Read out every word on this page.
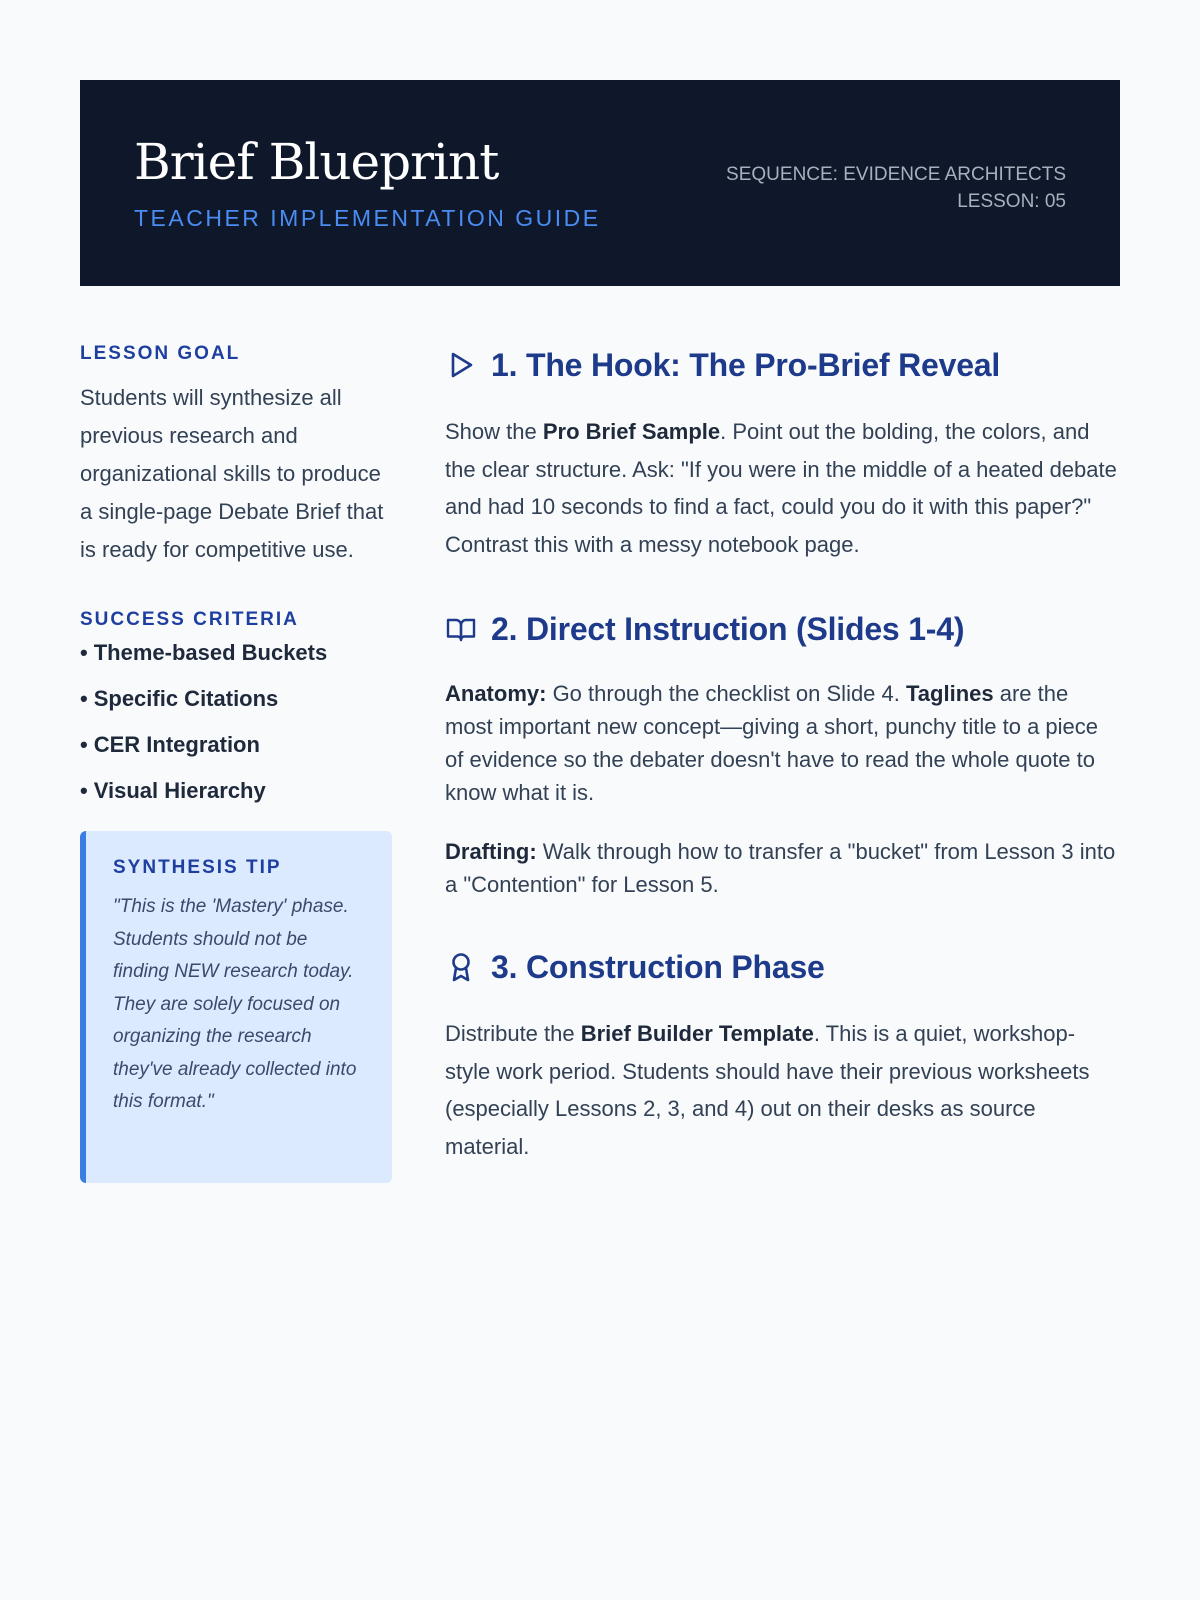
Brief Blueprint
TEACHER IMPLEMENTATION GUIDE
SEQUENCE: EVIDENCE ARCHITECTS
LESSON: 05
LESSON GOAL

Students will synthesize all previous research and organizational skills to produce a single-page Debate Brief that is ready for competitive use.

SUCCESS CRITERIA
• Theme-based Buckets
• Specific Citations
• CER Integration
• Visual Hierarchy
SYNTHESIS TIP

"This is the 'Mastery' phase. Students should not be finding NEW research today. They are solely focused on organizing the research they've already collected into this format."

1. The Hook: The Pro-Brief Reveal

Show the Pro Brief Sample. Point out the bolding, the colors, and the clear structure. Ask: "If you were in the middle of a heated debate and had 10 seconds to find a fact, could you do it with this paper?" Contrast this with a messy notebook page.

2. Direct Instruction (Slides 1-4)

Anatomy: Go through the checklist on Slide 4. Taglines are the most important new concept—giving a short, punchy title to a piece of evidence so the debater doesn't have to read the whole quote to know what it is.

Drafting: Walk through how to transfer a "bucket" from Lesson 3 into a "Contention" for Lesson 5.

3. Construction Phase

Distribute the Brief Builder Template. This is a quiet, workshop-style work period. Students should have their previous worksheets (especially Lessons 2, 3, and 4) out on their desks as source material.
